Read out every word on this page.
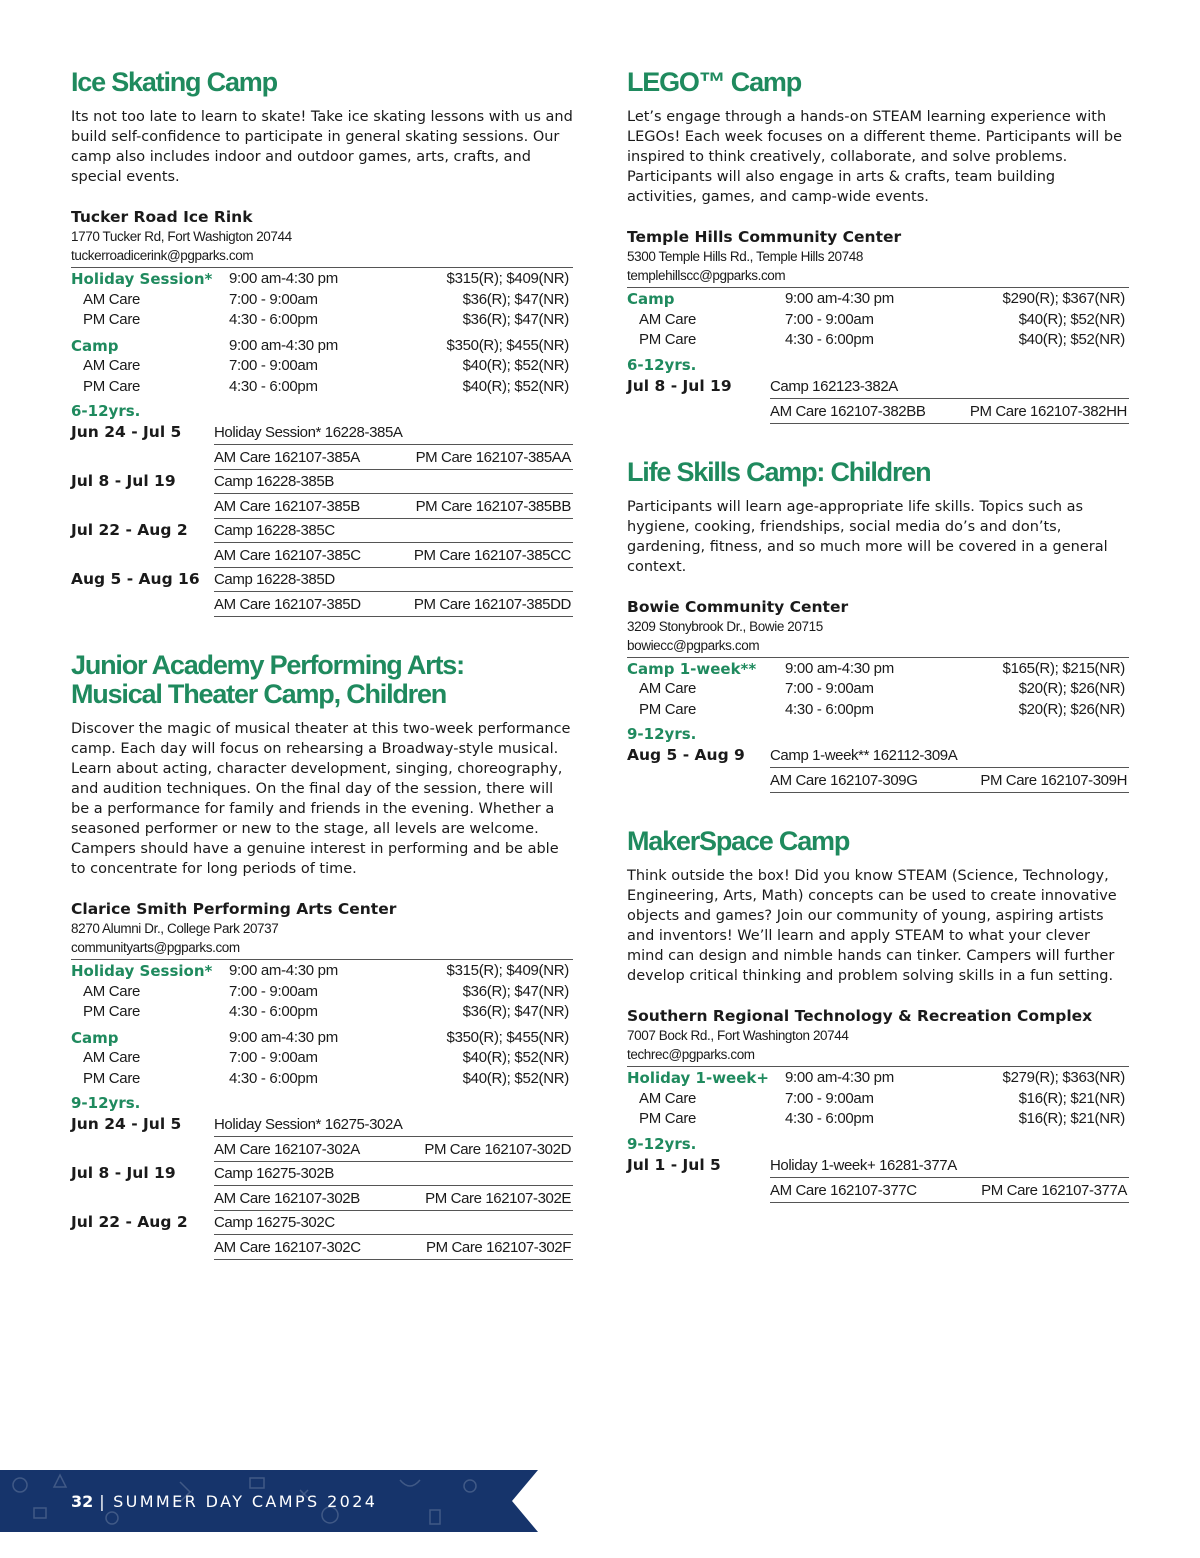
Ice Skating Camp

Its not too late to learn to skate! Take ice skating lessons with us and build self-confidence to participate in general skating sessions. Our camp also includes indoor and outdoor games, arts, crafts, and special events.

Tucker Road Ice Rink
1770 Tucker Rd, Fort Washigton 20744
tuckerroadicerink@pgparks.com
Holiday Session*	9:00 am-4:30 pm	$315(R); $409(NR)
AM Care	7:00 - 9:00am	$36(R); $47(NR)
PM Care	4:30 - 6:00pm	$36(R); $47(NR)
Camp	9:00 am-4:30 pm	$350(R); $455(NR)
AM Care	7:00 - 9:00am	$40(R); $52(NR)
PM Care	4:30 - 6:00pm	$40(R); $52(NR)
6-12yrs.
Jun 24 - Jul 5	Holiday Session* 16228-385A	
	AM Care 162107-385A	PM Care 162107-385AA
Jul 8 - Jul 19	Camp 16228-385B	
	AM Care 162107-385B	PM Care 162107-385BB
Jul 22 - Aug 2	Camp 16228-385C	
	AM Care 162107-385C	PM Care 162107-385CC
Aug 5 - Aug 16	Camp 16228-385D	
	AM Care 162107-385D	PM Care 162107-385DD
Junior Academy Performing Arts:
Musical Theater Camp, Children

Discover the magic of musical theater at this two-week performance camp. Each day will focus on rehearsing a Broadway-style musical. Learn about acting, character development, singing, choreography, and audition techniques. On the final day of the session, there will be a performance for family and friends in the evening. Whether a seasoned performer or new to the stage, all levels are welcome. Campers should have a genuine interest in performing and be able to concentrate for long periods of time.

Clarice Smith Performing Arts Center
8270 Alumni Dr., College Park 20737
communityarts@pgparks.com
Holiday Session*	9:00 am-4:30 pm	$315(R); $409(NR)
AM Care	7:00 - 9:00am	$36(R); $47(NR)
PM Care	4:30 - 6:00pm	$36(R); $47(NR)
Camp	9:00 am-4:30 pm	$350(R); $455(NR)
AM Care	7:00 - 9:00am	$40(R); $52(NR)
PM Care	4:30 - 6:00pm	$40(R); $52(NR)
9-12yrs.
Jun 24 - Jul 5	Holiday Session* 16275-302A	
	AM Care 162107-302A	PM Care 162107-302D
Jul 8 - Jul 19	Camp 16275-302B	
	AM Care 162107-302B	PM Care 162107-302E
Jul 22 - Aug 2	Camp 16275-302C	
	AM Care 162107-302C	PM Care 162107-302F
LEGO™ Camp

Let’s engage through a hands-on STEAM learning experience with LEGOs! Each week focuses on a different theme. Participants will be inspired to think creatively, collaborate, and solve problems. Participants will also engage in arts & crafts, team building activities, games, and camp-wide events.

Temple Hills Community Center
5300 Temple Hills Rd., Temple Hills 20748
templehillscc@pgparks.com
Camp	9:00 am-4:30 pm	$290(R); $367(NR)
AM Care	7:00 - 9:00am	$40(R); $52(NR)
PM Care	4:30 - 6:00pm	$40(R); $52(NR)
6-12yrs.
Jul 8 - Jul 19	Camp 162123-382A	
	AM Care 162107-382BB	PM Care 162107-382HH
Life Skills Camp: Children

Participants will learn age-appropriate life skills. Topics such as hygiene, cooking, friendships, social media do’s and don’ts, gardening, fitness, and so much more will be covered in a general context.

Bowie Community Center
3209 Stonybrook Dr., Bowie 20715
bowiecc@pgparks.com
Camp 1-week**	9:00 am-4:30 pm	$165(R); $215(NR)
AM Care	7:00 - 9:00am	$20(R); $26(NR)
PM Care	4:30 - 6:00pm	$20(R); $26(NR)
9-12yrs.
Aug 5 - Aug 9	Camp 1-week** 162112-309A	
	AM Care 162107-309G	PM Care 162107-309H
MakerSpace Camp

Think outside the box! Did you know STEAM (Science, Technology, Engineering, Arts, Math) concepts can be used to create innovative objects and games? Join our community of young, aspiring artists and inventors! We’ll learn and apply STEAM to what your clever mind can design and nimble hands can tinker. Campers will further develop critical thinking and problem solving skills in a fun setting.

Southern Regional Technology & Recreation Complex
7007 Bock Rd., Fort Washington 20744
techrec@pgparks.com
Holiday 1-week+	9:00 am-4:30 pm	$279(R); $363(NR)
AM Care	7:00 - 9:00am	$16(R); $21(NR)
PM Care	4:30 - 6:00pm	$16(R); $21(NR)
9-12yrs.
Jul 1 - Jul 5	Holiday 1-week+ 16281-377A	
	AM Care 162107-377C	PM Care 162107-377A
32 | SUMMER DAY CAMPS 2024
